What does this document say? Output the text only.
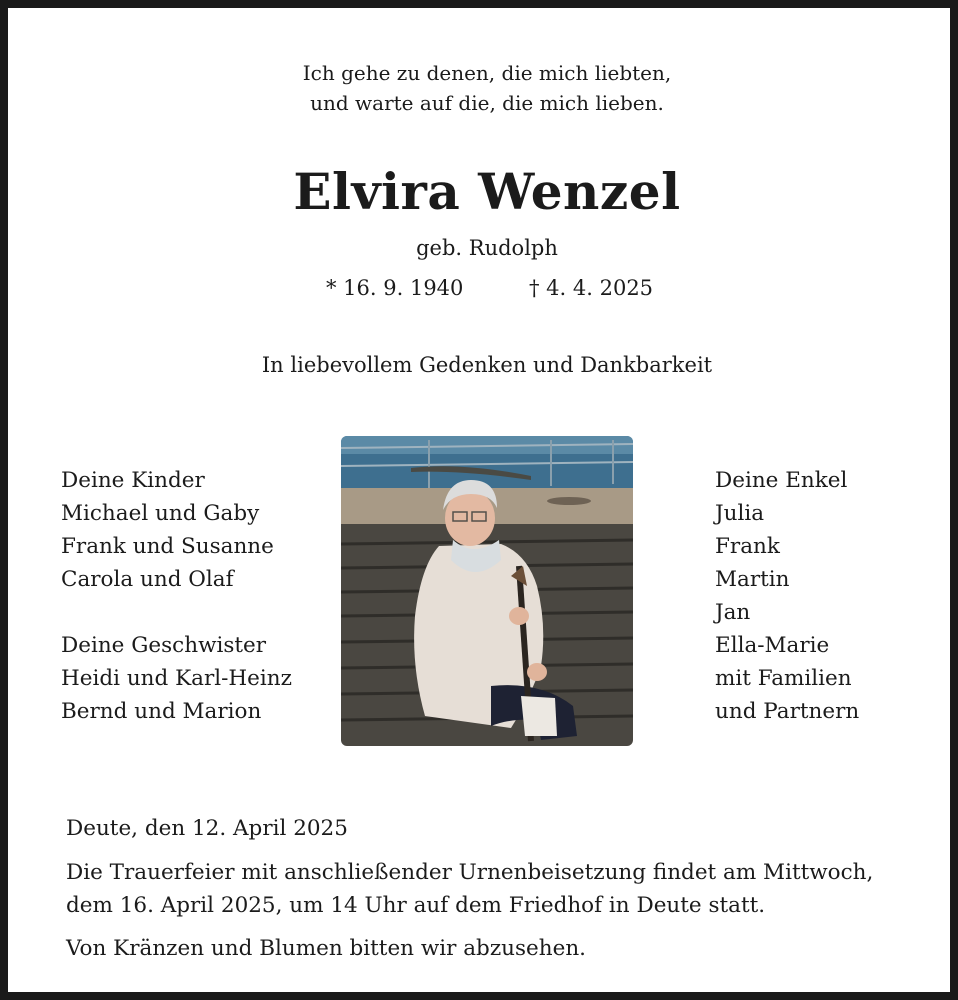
Ich gehe zu denen, die mich liebten,
und warte auf die, die mich lieben.
Elvira Wenzel
geb. Rudolph
* 16. 9. 1940	† 4. 4. 2025
In liebevollem Gedenken und Dankbarkeit
Deine Kinder
Michael und Gaby
Frank und Susanne
Carola und Olaf
Deine Geschwister
Heidi und Karl-Heinz
Bernd und Marion
Deine Enkel
Julia
Frank
Martin
Jan
Ella-Marie
mit Familien
und Partnern
Deute, den 12. April 2025
Die Trauerfeier mit anschließender Urnenbeisetzung findet am Mittwoch,
dem 16. April 2025, um 14 Uhr auf dem Friedhof in Deute statt.
Von Kränzen und Blumen bitten wir abzusehen.
